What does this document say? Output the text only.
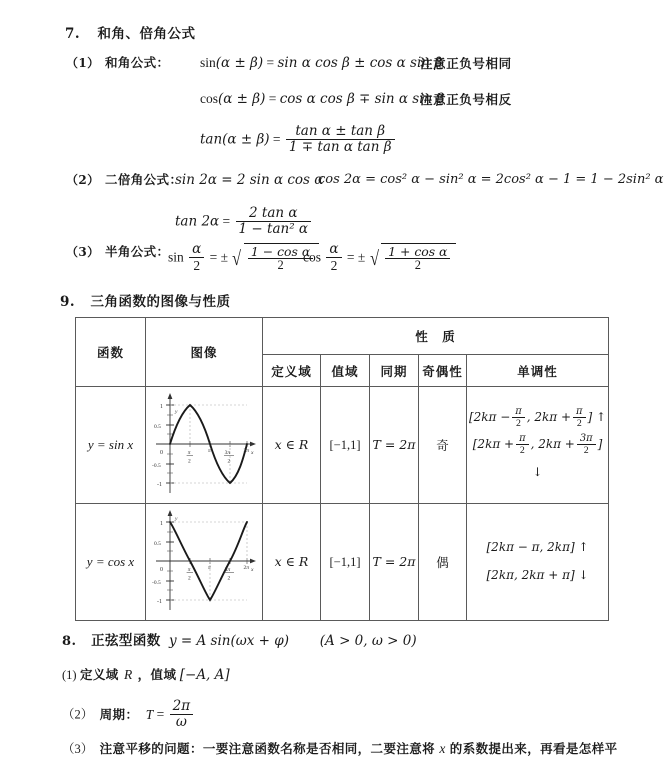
7. 和角、倍角公式
（1） 和角公式： sin(α ± β) = sin α cos β ± cos α sin β
注意正负号相同
cos(α ± β) = cos α cos β ∓ sin α sin β
注意正负号相反
$\tan(\alpha \pm \beta) = \frac{\text{tan α ± tan β}}{\text{1 ∓ tan α tan β}}$
（2） 二倍角公式：
sin 2α = 2 sin α cos α
cos 2α = cos² α − sin² α = 2cos² α − 1 = 1 − 2sin² α
$\tan 2\alpha = \frac{\text{2 tan α}}{\text{1 − tan² α}}$
（3） 半角公式：
$\sin \frac{\alpha}{2}$ = ± √ $\frac{\text{1 − cos α}}{2}$
$\cos \frac{\alpha}{2}$ = ± √ $\frac{\text{1 + cos α}}{2}$
9. 三角函数的图像与性质
函数	图像	性　质				
		定义域	值域	同期	奇偶性	单调性
y = sin x	
1
0.5
0
-0.5
-1
y
x
π
2
π	3π
2
2π	x ∈ R	[−1,1]	T = 2π	奇	
[$2k\pi - \frac{\pi}{2}$ , $2k\pi + \frac{\pi}{2}$ ] ↑
[$2k\pi + \frac{\pi}{2}$ , $2k\pi + \frac{3\pi}{2}$ ] ↓

y = cos x	
1
0.5
0
-0.5
-1
y
x
π
2
π	3π
2
2π	x ∈ R	[−1,1]	T = 2π	偶	
[2kπ − π, 2kπ] ↑
[2kπ, 2kπ + π] ↓
8. 正弦型函数 y = A sin(ωx + φ) (A > 0, ω > 0)
(1) 定义域 R ，值域 [−A, A]
（2） 周期： $T = \frac{2\pi}{\omega}$
（3） 注意平移的问题：一要注意函数名称是否相同，二要注意将 x 的系数提出来，再看是怎样平
